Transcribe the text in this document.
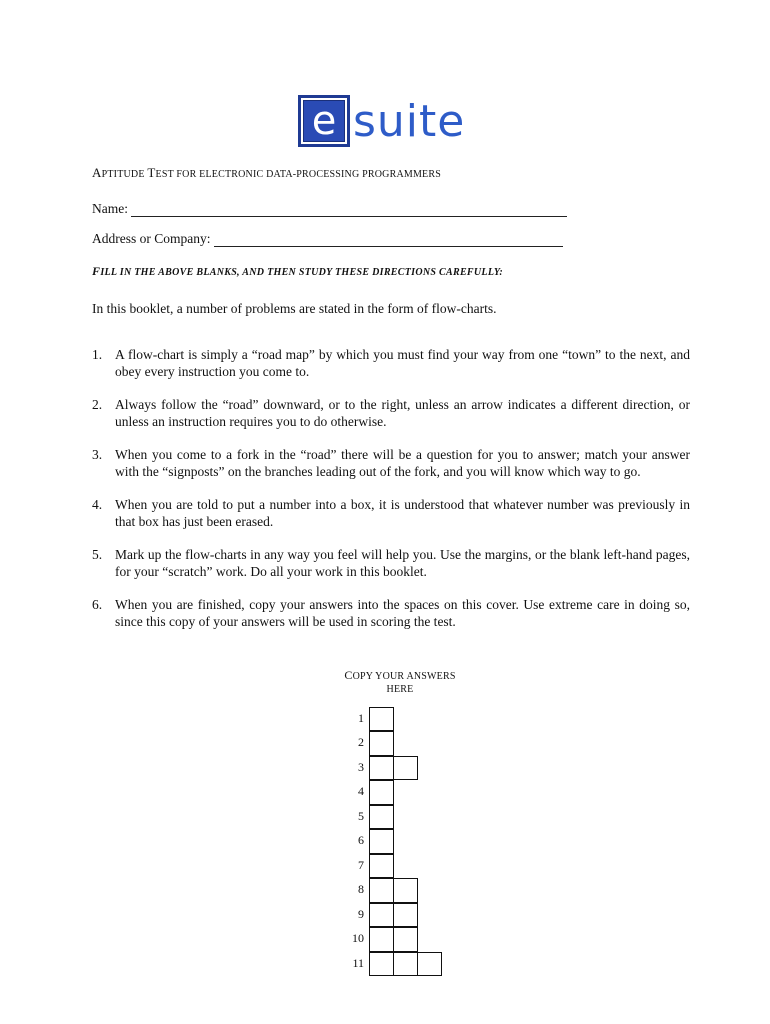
e suite
APTITUDE TEST FOR ELECTRONIC DATA-PROCESSING PROGRAMMERS
Name:
Address or Company:
FILL IN THE ABOVE BLANKS, AND THEN STUDY THESE DIRECTIONS CAREFULLY:
In this booklet, a number of problems are stated in the form of flow-charts.
1. A flow-chart is simply a “road map” by which you must find your way from one “town” to the next, and obey every instruction you come to.
2. Always follow the “road” downward, or to the right, unless an arrow indicates a different direction, or unless an instruction requires you to do otherwise.
3. When you come to a fork in the “road” there will be a question for you to answer; match your answer with the “signposts” on the branches leading out of the fork, and you will know which way to go.
4. When you are told to put a number into a box, it is understood that whatever number was previously in that box has just been erased.
5. Mark up the flow-charts in any way you feel will help you. Use the margins, or the blank left-hand pages, for your “scratch” work. Do all your work in this booklet.
6. When you are finished, copy your answers into the spaces on this cover. Use extreme care in doing so, since this copy of your answers will be used in scoring the test.
COPY YOUR ANSWERS
HERE
1
2
3
4
5
6
7
8
9
10
11
